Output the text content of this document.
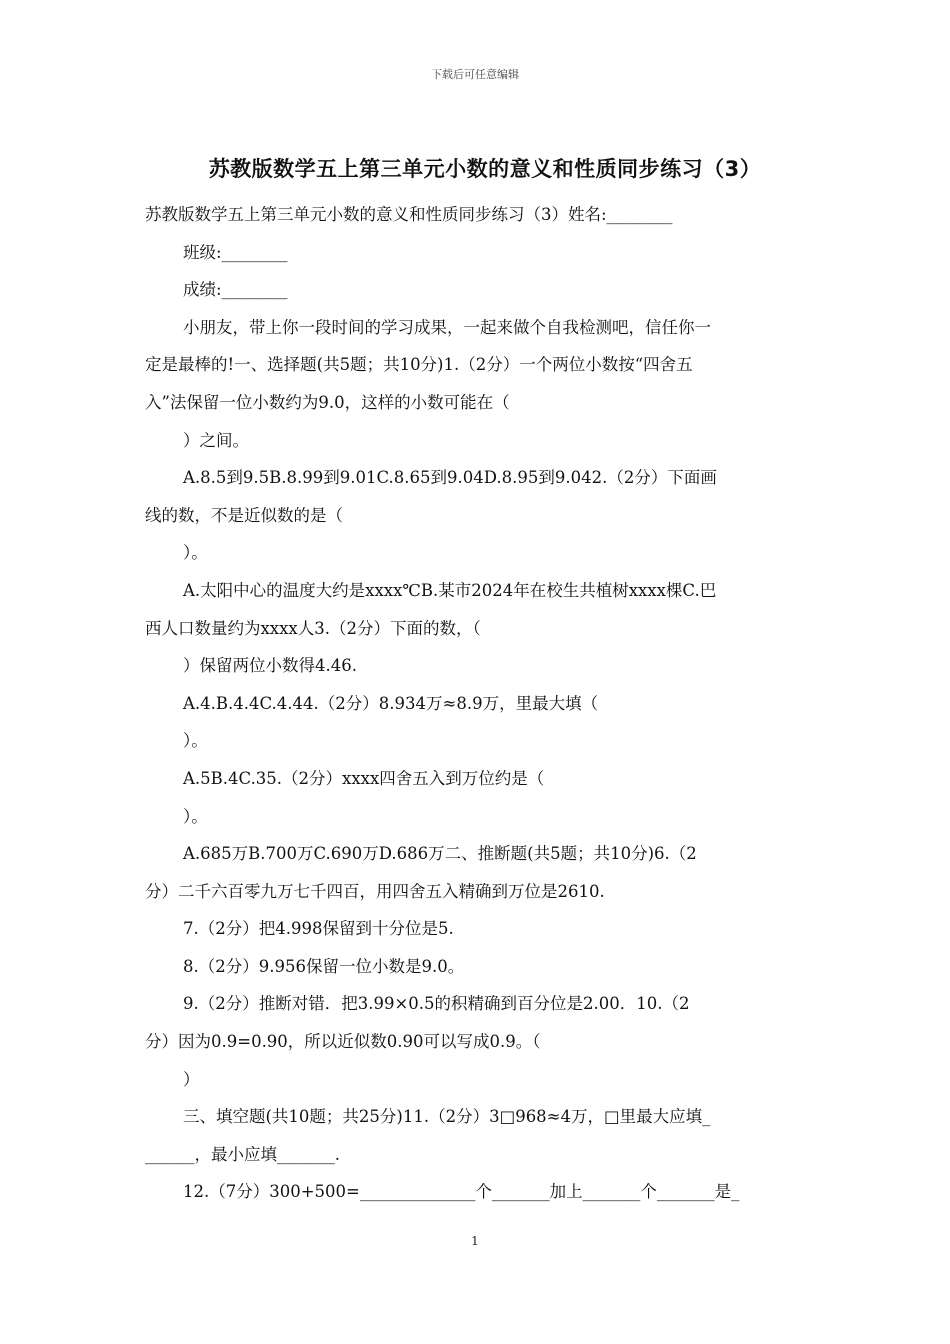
下载后可任意编辑
苏教版数学五上第三单元小数的意义和性质同步练习（3）
苏教版数学五上第三单元小数的意义和性质同步练习（3）姓名:________
班级:________
成绩:________
小朋友，带上你一段时间的学习成果，一起来做个自我检测吧，信任你一
定是最棒的!一、选择题(共5题；共10分)1.（2分）一个两位小数按“四舍五
入”法保留一位小数约为9.0，这样的小数可能在（
）之间。
A.8.5到9.5B.8.99到9.01C.8.65到9.04D.8.95到9.042.（2分）下面画
线的数，不是近似数的是（
）。
A.太阳中心的温度大约是xxxx℃B.某市2024年在校生共植树xxxx棵C.巴
西人口数量约为xxxx人3.（2分）下面的数，（
）保留两位小数得4.46.
A.4.B.4.4C.4.44.（2分）8.934万≈8.9万，里最大填（
）。
A.5B.4C.35.（2分）xxxx四舍五入到万位约是（
）。
A.685万B.700万C.690万D.686万二、推断题(共5题；共10分)6.（2
分）二千六百零九万七千四百，用四舍五入精确到万位是2610.
7.（2分）把4.998保留到十分位是5.
8.（2分）9.956保留一位小数是9.0。
9.（2分）推断对错．把3.99×0.5的积精确到百分位是2.00．10.（2
分）因为0.9=0.90，所以近似数0.90可以写成0.9。（
）
三、填空题(共10题；共25分)11.（2分）3□968≈4万，□里最大应填_
______，最小应填_______.
12.（7分）300+500=______________个_______加上_______个_______是_
1
